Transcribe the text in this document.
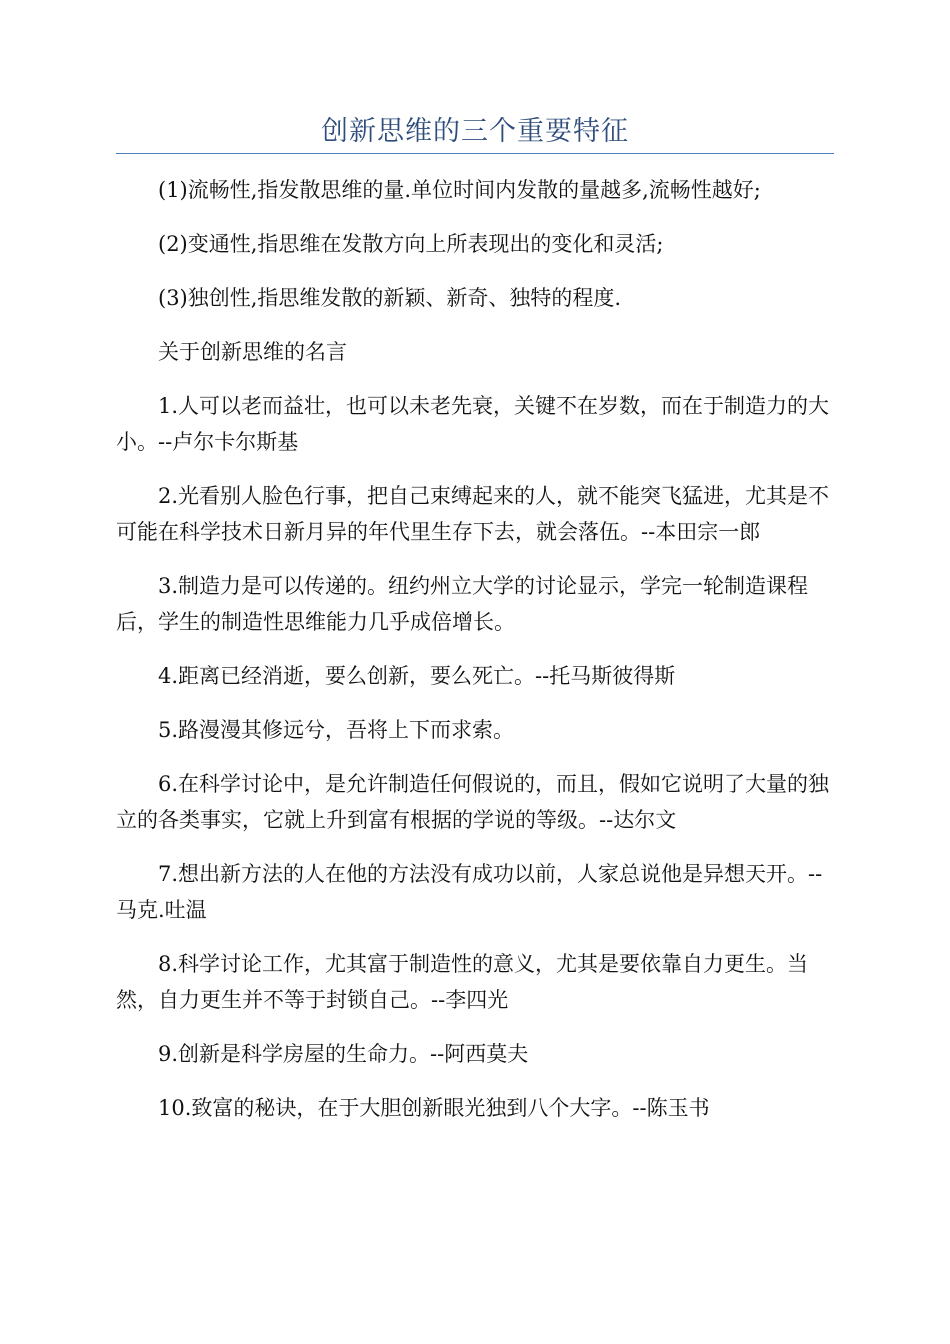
创新思维的三个重要特征

(1)流畅性,指发散思维的量.单位时间内发散的量越多,流畅性越好;

(2)变通性,指思维在发散方向上所表现出的变化和灵活;

(3)独创性,指思维发散的新颖、新奇、独特的程度.

关于创新思维的名言

1.人可以老而益壮，也可以未老先衰，关键不在岁数，而在于制造力的大小。--卢尔卡尔斯基

2.光看别人脸色行事，把自己束缚起来的人，就不能突飞猛进，尤其是不可能在科学技术日新月异的年代里生存下去，就会落伍。--本田宗一郎

3.制造力是可以传递的。纽约州立大学的讨论显示，学完一轮制造课程后，学生的制造性思维能力几乎成倍增长。

4.距离已经消逝，要么创新，要么死亡。--托马斯彼得斯

5.路漫漫其修远兮，吾将上下而求索。

6.在科学讨论中，是允许制造任何假说的，而且，假如它说明了大量的独立的各类事实，它就上升到富有根据的学说的等级。--达尔文

7.想出新方法的人在他的方法没有成功以前，人家总说他是异想天开。--马克.吐温

8.科学讨论工作，尤其富于制造性的意义，尤其是要依靠自力更生。当然，自力更生并不等于封锁自己。--李四光

9.创新是科学房屋的生命力。--阿西莫夫

10.致富的秘诀，在于大胆创新眼光独到八个大字。--陈玉书
